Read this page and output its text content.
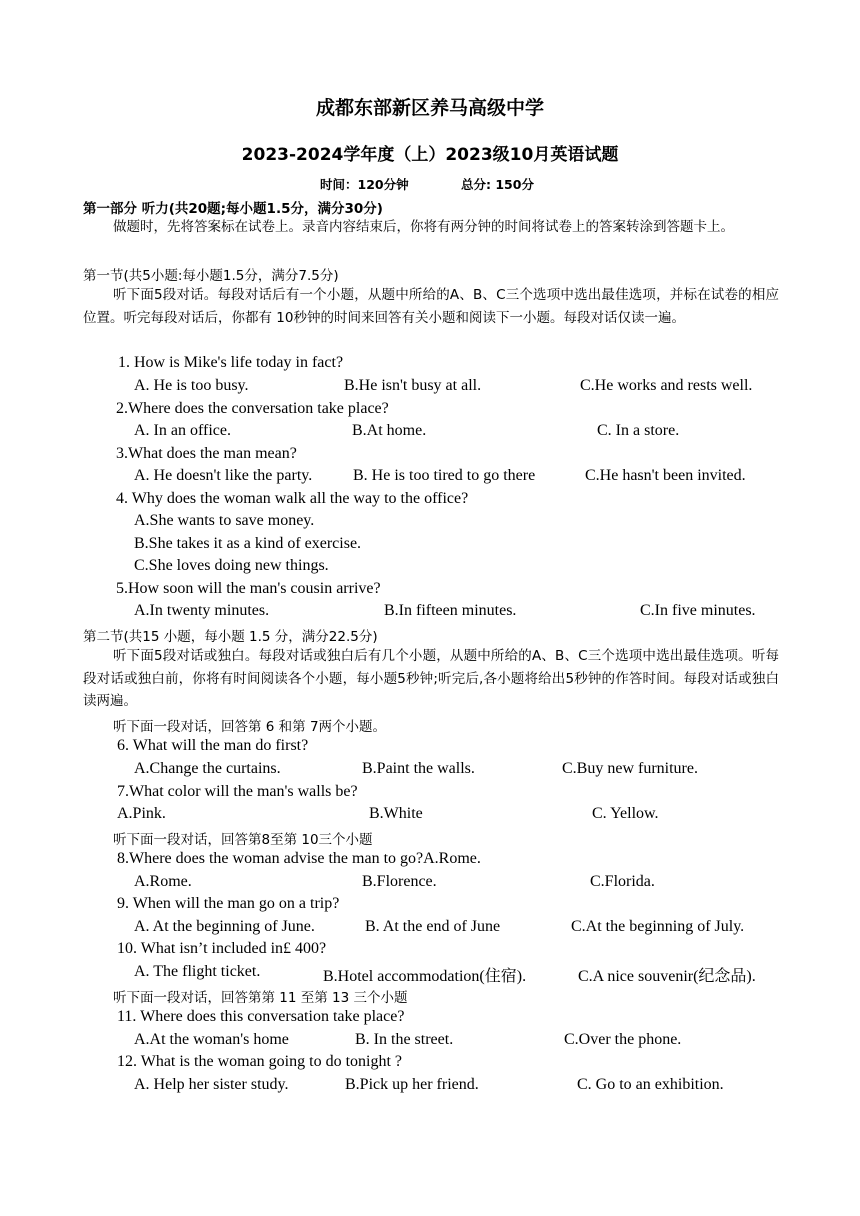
成都东部新区养马高级中学
2023-2024学年度（上）2023级10月英语试题
时间：120分钟	总分: 150分
第一部分 听力(共20题;每小题1.5分，满分30分)
做题时，先将答案标在试卷上。录音内容结束后，你将有两分钟的时间将试卷上的答案转涂到答题卡上。
第一节(共5小题:每小题1.5分，满分7.5分)
听下面5段对话。每段对话后有一个小题，从题中所给的A、B、C三个选项中选出最佳选项，并标在试卷的相应位置。听完每段对话后，你都有 10秒钟的时间来回答有关小题和阅读下一小题。每段对话仅读一遍。
1. How is Mike's life today in fact?
A. He is too busy.	B.He isn't busy at all.	C.He works and rests well.
2.Where does the conversation take place?
A. In an office.	B.At home.	C. In a store.
3.What does the man mean?
A. He doesn't like the party.	B. He is too tired to go there	C.He hasn't been invited.
4. Why does the woman walk all the way to the office?
A.She wants to save money.
B.She takes it as a kind of exercise.
C.She loves doing new things.
5.How soon will the man's cousin arrive?
A.In twenty minutes.	B.In fifteen minutes.	C.In five minutes.
第二节(共15 小题，每小题 1.5 分，满分22.5分)
听下面5段对话或独白。每段对话或独白后有几个小题，从题中所给的A、B、C三个选项中选出最佳选项。听每段对话或独白前，你将有时间阅读各个小题，每小题5秒钟;听完后,各小题将给出5秒钟的作答时间。每段对话或独白读两遍。
听下面一段对话，回答第 6 和第 7两个小题。
6. What will the man do first?
A.Change the curtains.	B.Paint the walls.	C.Buy new furniture.
7.What color will the man's walls be?
A.Pink.	B.White	C. Yellow.
听下面一段对话，回答第8至第 10三个小题
8.Where does the woman advise the man to go?A.Rome.
A.Rome.	B.Florence.	C.Florida.
9. When will the man go on a trip?
A. At the beginning of June.	B. At the end of June	C.At the beginning of July.
10. What isn’t included in£ 400?
A. The flight ticket.	B.Hotel accommodation(住宿).	C.A nice souvenir(纪念品).
听下面一段对话，回答第第 11 至第 13 三个小题
11. Where does this conversation take place?
A.At the woman's home	B. In the street.	C.Over the phone.
12. What is the woman going to do tonight ?
A. Help her sister study.	B.Pick up her friend.	C. Go to an exhibition.
